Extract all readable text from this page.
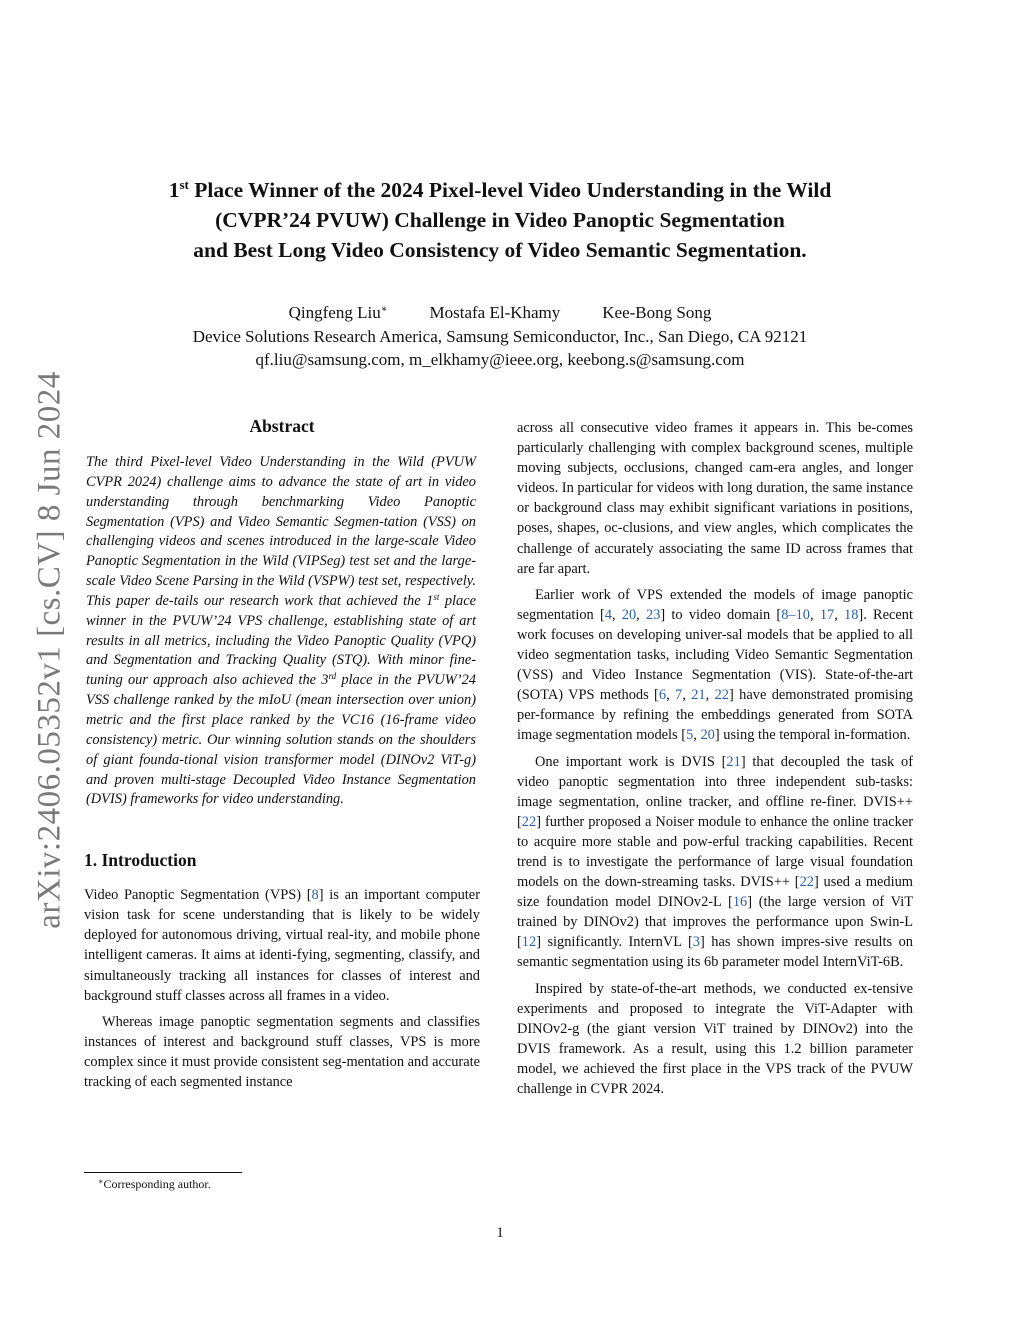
arXiv:2406.05352v1 [cs.CV] 8 Jun 2024
1st Place Winner of the 2024 Pixel-level Video Understanding in the Wild
(CVPR’24 PVUW) Challenge in Video Panoptic Segmentation
and Best Long Video Consistency of Video Semantic Segmentation.
Qingfeng Liu∗ Mostafa El-Khamy Kee-Bong Song
Device Solutions Research America, Samsung Semiconductor, Inc., San Diego, CA 92121
qf.liu@samsung.com, m_elkhamy@ieee.org, keebong.s@samsung.com
Abstract

The third Pixel-level Video Understanding in the Wild (PVUW CVPR 2024) challenge aims to advance the state of art in video understanding through benchmarking Video Panoptic Segmentation (VPS) and Video Semantic Segmen-tation (VSS) on challenging videos and scenes introduced in the large-scale Video Panoptic Segmentation in the Wild (VIPSeg) test set and the large-scale Video Scene Parsing in the Wild (VSPW) test set, respectively. This paper de-tails our research work that achieved the 1st place winner in the PVUW’24 VPS challenge, establishing state of art results in all metrics, including the Video Panoptic Quality (VPQ) and Segmentation and Tracking Quality (STQ). With minor fine-tuning our approach also achieved the 3rd place in the PVUW’24 VSS challenge ranked by the mIoU (mean intersection over union) metric and the first place ranked by the VC16 (16-frame video consistency) metric. Our winning solution stands on the shoulders of giant founda-tional vision transformer model (DINOv2 ViT-g) and proven multi-stage Decoupled Video Instance Segmentation (DVIS) frameworks for video understanding.

1. Introduction

Video Panoptic Segmentation (VPS) [8] is an important computer vision task for scene understanding that is likely to be widely deployed for autonomous driving, virtual real-ity, and mobile phone intelligent cameras. It aims at identi-fying, segmenting, classify, and simultaneously tracking all instances for classes of interest and background stuff classes across all frames in a video.

Whereas image panoptic segmentation segments and classifies instances of interest and background stuff classes, VPS is more complex since it must provide consistent seg-mentation and accurate tracking of each segmented instance

across all consecutive video frames it appears in. This be-comes particularly challenging with complex background scenes, multiple moving subjects, occlusions, changed cam-era angles, and longer videos. In particular for videos with long duration, the same instance or background class may exhibit significant variations in positions, poses, shapes, oc-clusions, and view angles, which complicates the challenge of accurately associating the same ID across frames that are far apart.

Earlier work of VPS extended the models of image panoptic segmentation [4, 20, 23] to video domain [8–10, 17, 18]. Recent work focuses on developing univer-sal models that be applied to all video segmentation tasks, including Video Semantic Segmentation (VSS) and Video Instance Segmentation (VIS). State-of-the-art (SOTA) VPS methods [6, 7, 21, 22] have demonstrated promising per-formance by refining the embeddings generated from SOTA image segmentation models [5, 20] using the temporal in-formation.

One important work is DVIS [21] that decoupled the task of video panoptic segmentation into three independent sub-tasks: image segmentation, online tracker, and offline re-finer. DVIS++ [22] further proposed a Noiser module to enhance the online tracker to acquire more stable and pow-erful tracking capabilities. Recent trend is to investigate the performance of large visual foundation models on the down-streaming tasks. DVIS++ [22] used a medium size foundation model DINOv2-L [16] (the large version of ViT trained by DINOv2) that improves the performance upon Swin-L [12] significantly. InternVL [3] has shown impres-sive results on semantic segmentation using its 6b parameter model InternViT-6B.

Inspired by state-of-the-art methods, we conducted ex-tensive experiments and proposed to integrate the ViT-Adapter with DINOv2-g (the giant version ViT trained by DINOv2) into the DVIS framework. As a result, using this 1.2 billion parameter model, we achieved the first place in the VPS track of the PVUW challenge in CVPR 2024.

∗Corresponding author.
1
